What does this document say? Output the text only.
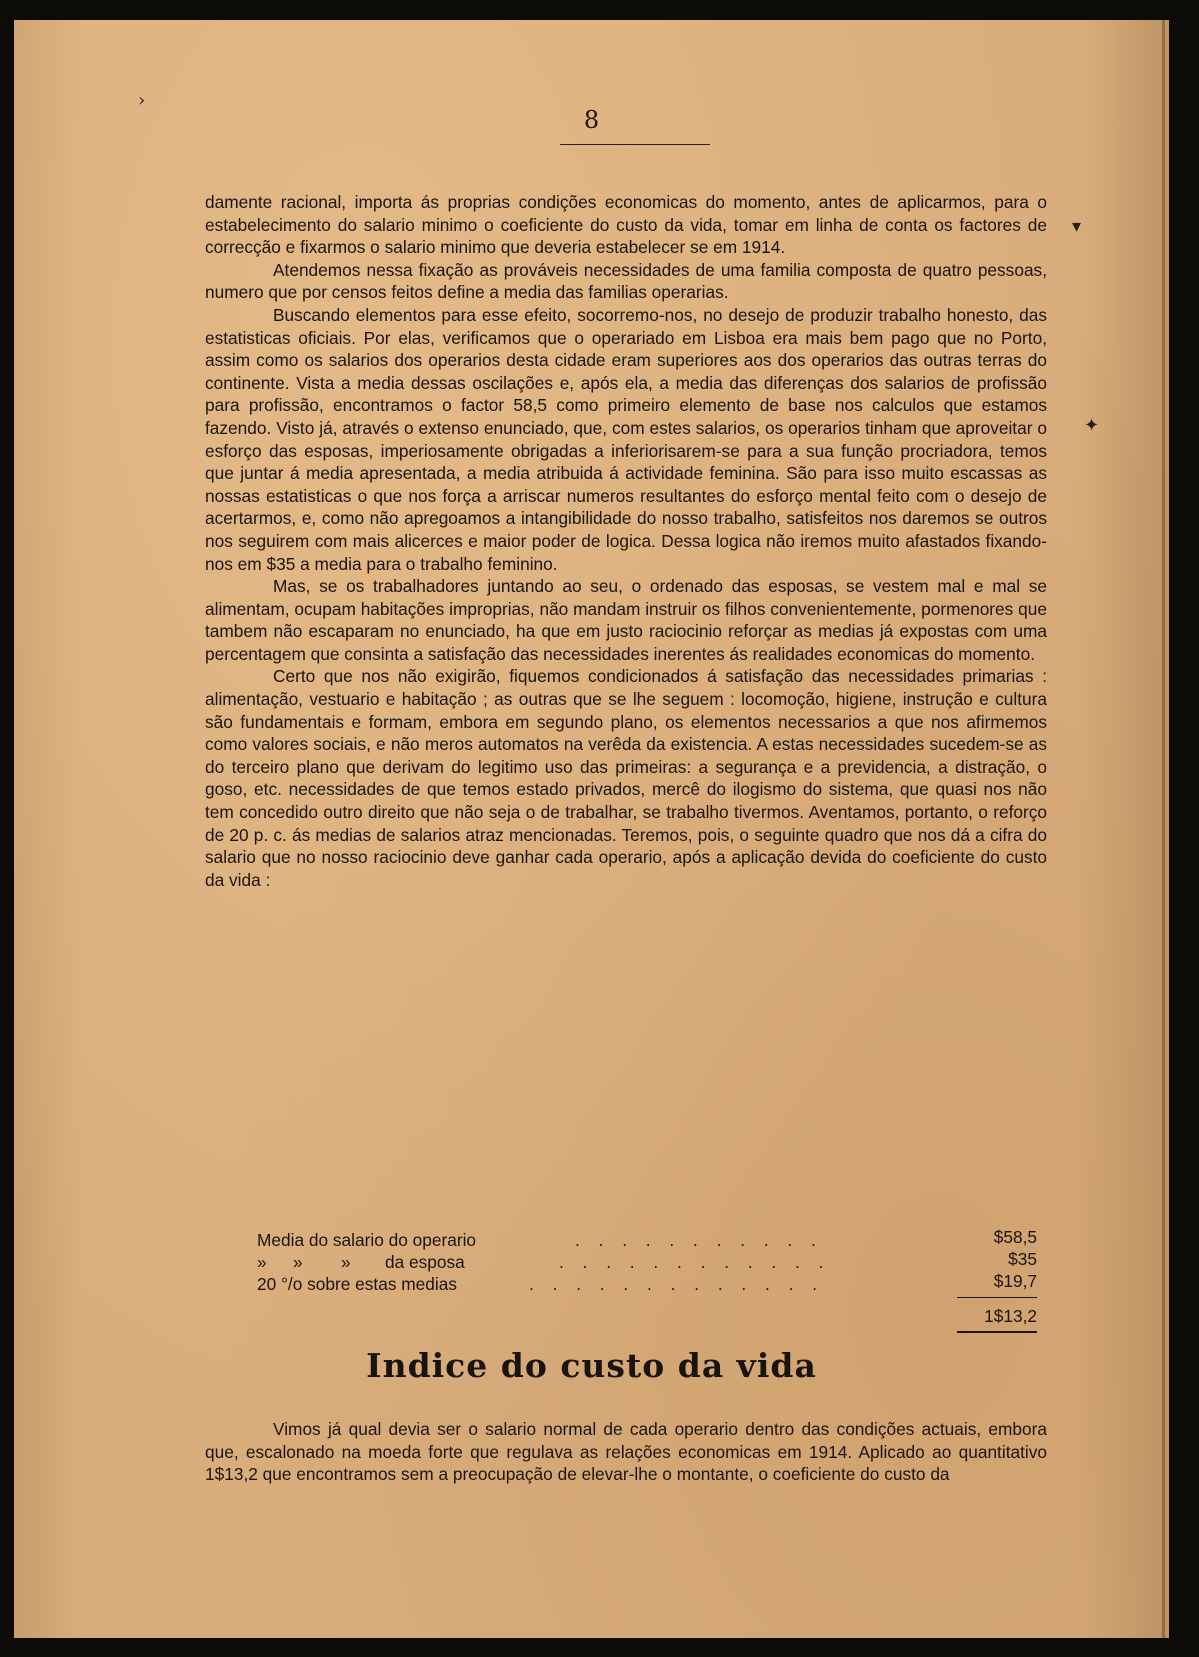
›
▾
✦
8

damente racional, importa ás proprias condições economicas do momento, antes de aplicarmos, para o estabelecimento do salario minimo o coeficiente do custo da vida, tomar em linha de conta os factores de correcção e fixarmos o salario minimo que deveria estabelecer se em 1914.

Atendemos nessa fixação as prováveis necessidades de uma familia composta de quatro pessoas, numero que por censos feitos define a media das familias operarias.

Buscando elementos para esse efeito, socorremo-nos, no desejo de produzir trabalho honesto, das estatisticas oficiais. Por elas, verificamos que o operariado em Lisboa era mais bem pago que no Porto, assim como os salarios dos operarios desta cidade eram superiores aos dos operarios das outras terras do continente. Vista a media dessas oscilações e, após ela, a media das diferenças dos salarios de profissão para profissão, encontramos o factor 58,5 como primeiro elemento de base nos calculos que estamos fazendo. Visto já, através o extenso enunciado, que, com estes salarios, os operarios tinham que aproveitar o esforço das esposas, imperiosamente obrigadas a inferiorisarem-se para a sua função procriadora, temos que juntar á media apresentada, a media atribuida á actividade feminina. São para isso muito escassas as nossas estatisticas o que nos força a arriscar numeros resultantes do esforço mental feito com o desejo de acertarmos, e, como não apregoamos a intangibilidade do nosso trabalho, satisfeitos nos daremos se outros nos seguirem com mais alicerces e maior poder de logica. Dessa logica não iremos muito afastados fixando-nos em $35 a media para o trabalho feminino.

Mas, se os trabalhadores juntando ao seu, o ordenado das esposas, se vestem mal e mal se alimentam, ocupam habitações improprias, não mandam instruir os filhos convenientemente, pormenores que tambem não escaparam no enunciado, ha que em justo raciocinio reforçar as medias já expostas com uma percentagem que consinta a satisfação das necessidades inerentes ás realidades economicas do momento.

Certo que nos não exigirão, fiquemos condicionados á satisfação das necessidades primarias : alimentação, vestuario e habitação ; as outras que se lhe seguem : locomoção, higiene, instrução e cultura são fundamentais e formam, embora em segundo plano, os elementos necessarios a que nos afirmemos como valores sociais, e não meros automatos na verêda da existencia. A estas necessidades sucedem-se as do terceiro plano que derivam do legitimo uso das primeiras: a segurança e a previdencia, a distração, o goso, etc. necessidades de que temos estado privados, mercê do ilogismo do sistema, que quasi nos não tem concedido outro direito que não seja o de trabalhar, se trabalho tivermos. Aventamos, portanto, o reforço de 20 p. c. ás medias de salarios atraz mencionadas. Teremos, pois, o seguinte quadro que nos dá a cifra do salario que no nosso raciocinio deve ganhar cada operario, após a aplicação devida do coeficiente do custo da vida :

Media do salario do operario	. . . . . . . . . . .	$58,5
» » » da esposa	. . . . . . . . . . . .	$35
20 °/o sobre estas medias	. . . . . . . . . . . . .	$19,7
1$13,2
Indice do custo da vida

Vimos já qual devia ser o salario normal de cada operario dentro das condições actuais, embora que, escalonado na moeda forte que regulava as relações economicas em 1914. Aplicado ao quantitativo 1$13,2 que encontramos sem a preocupação de elevar-lhe o montante, o coeficiente do custo da
